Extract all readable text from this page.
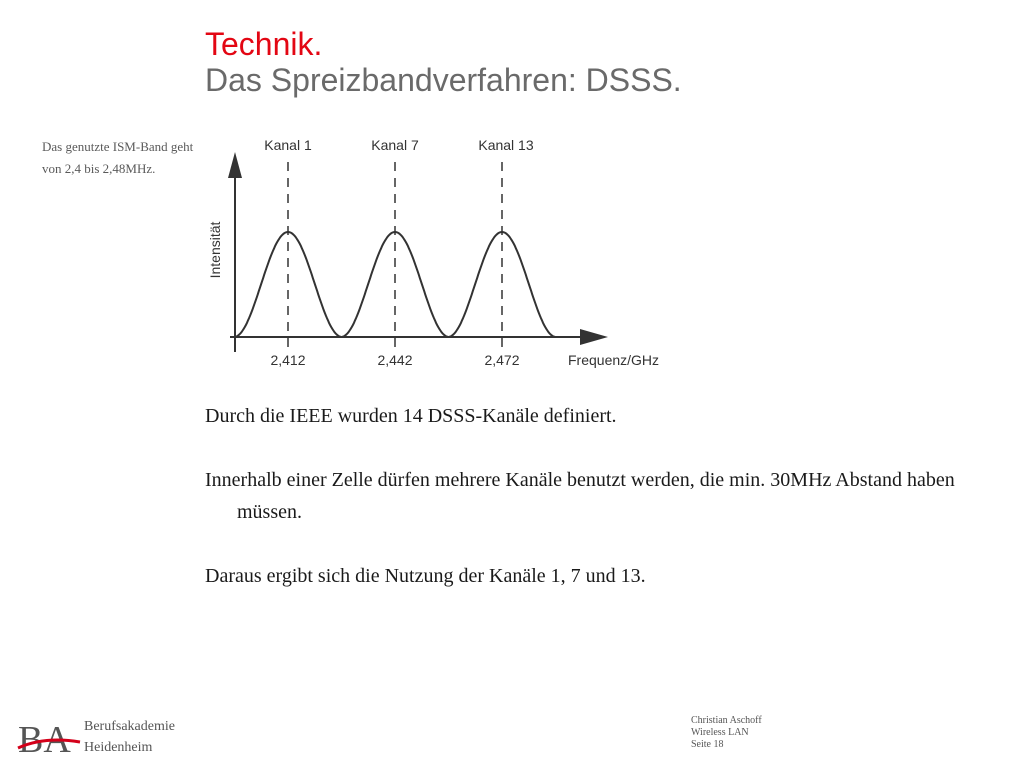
Technik.
Das Spreizbandverfahren: DSSS.
Das genutzte ISM-Band geht von 2,4 bis 2,48MHz.
Kanal 1	Kanal 7	Kanal 13
2,412	2,442	2,472	Frequenz/GHz
Intensität

Durch die IEEE wurden 14 DSSS-Kanäle definiert.

Innerhalb einer Zelle dürfen mehrere Kanäle benutzt werden, die min. 30MHz Abstand haben müssen.

Daraus ergibt sich die Nutzung der Kanäle 1, 7 und 13.

BA Berufsakademie
Heidenheim
Christian Aschoff
Wireless LAN
Seite 18
